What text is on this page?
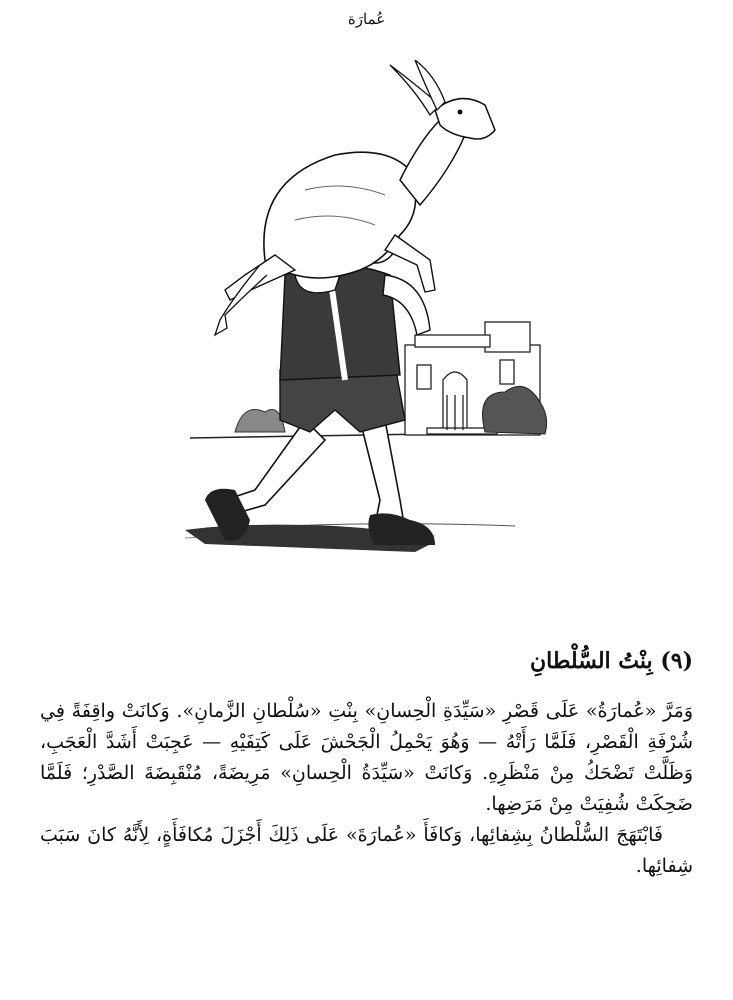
عُمارَة
(٩) بِنْتُ السُّلْطانِ

وَمَرَّ «عُمارَةُ» عَلَى قَصْرِ «سَيِّدَةِ الْحِسانِ» بِنْتِ «سُلْطانِ الزَّمانِ». وَكانَتْ واقِفَةً فِي شُرْفَةِ الْقَصْرِ، فَلَمَّا رَأَتْهُ — وَهُوَ يَحْمِلُ الْجَحْشَ عَلَى كَتِفَيْهِ — عَجِبَتْ أَشَدَّ الْعَجَبِ، وَظَلَّتْ تَضْحَكُ مِنْ مَنْظَرِهِ. وَكانَتْ «سَيِّدَةُ الْحِسانِ» مَرِيضَةً، مُنْقَبِضَةَ الصَّدْرِ؛ فَلَمَّا ضَحِكَتْ شُفِيَتْ مِنْ مَرَضِها.

فَابْتَهَجَ السُّلْطانُ بِشِفائِها، وَكافَأَ «عُمارَةَ» عَلَى ذَلِكَ أَجْزَلَ مُكافَأَةٍ، لِأَنَّهُ كانَ سَبَبَ شِفائِها.
